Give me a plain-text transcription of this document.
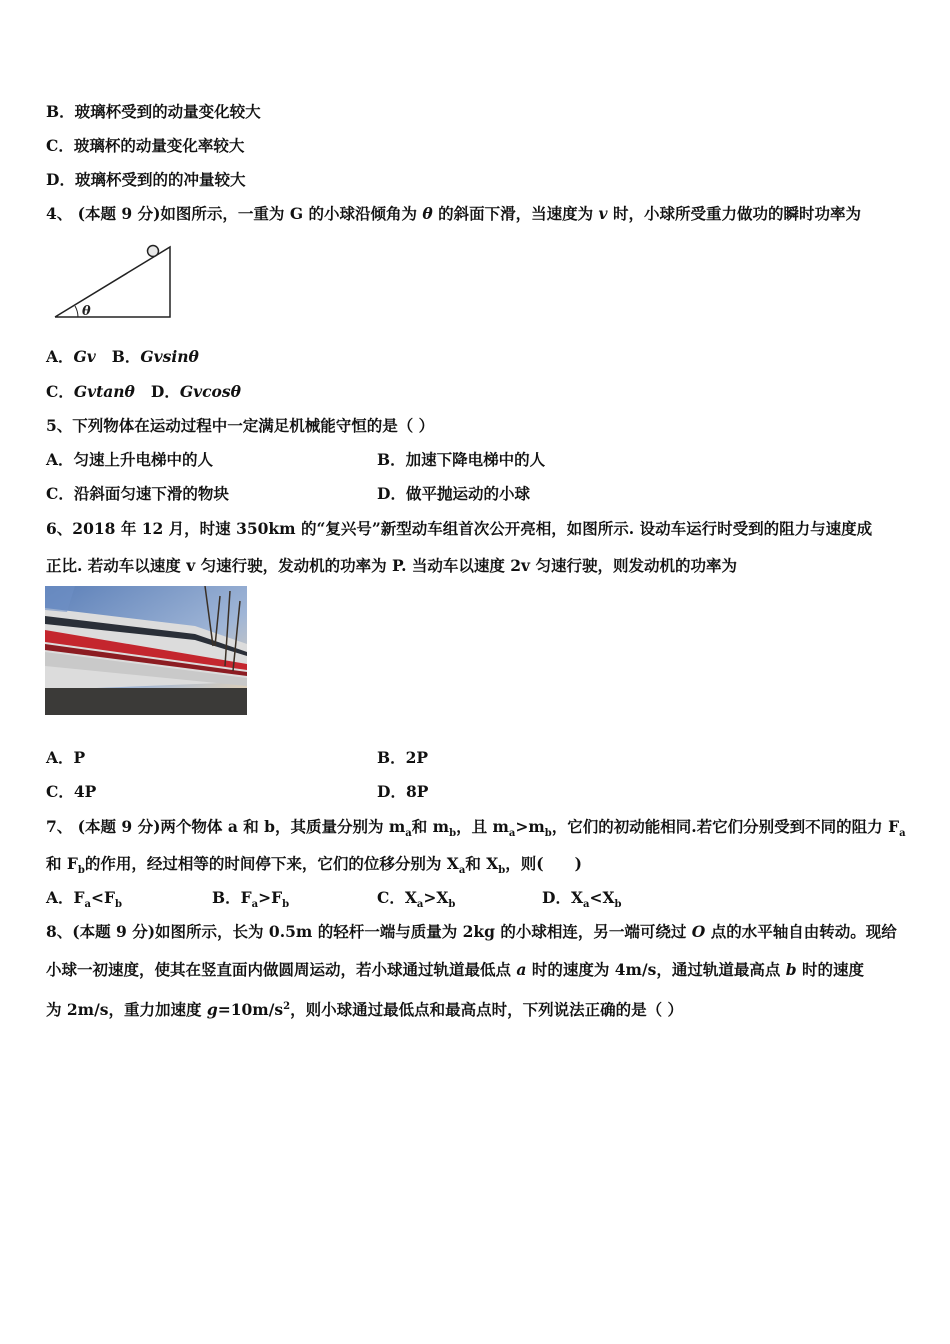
B．玻璃杯受到的动量变化较大
C．玻璃杯的动量变化率较大
D．玻璃杯受到的的冲量较大
4、 (本题 9 分)如图所示，一重为 G 的小球沿倾角为 θ 的斜面下滑，当速度为 v 时，小球所受重力做功的瞬时功率为
θ
A．Gv B．Gvsinθ
C．Gvtanθ D．Gvcosθ
5、下列物体在运动过程中一定满足机械能守恒的是（ ）
A．匀速上升电梯中的人	B．加速下降电梯中的人
C．沿斜面匀速下滑的物块	D．做平抛运动的小球
6、2018 年 12 月，时速 350km 的“复兴号”新型动车组首次公开亮相，如图所示. 设动车运行时受到的阻力与速度成
正比. 若动车以速度 v 匀速行驶，发动机的功率为 P. 当动车以速度 2v 匀速行驶，则发动机的功率为
A．P	B．2P
C．4P	D．8P
7、 (本题 9 分)两个物体 a 和 b，其质量分别为 $m_a$和 $m_b$，且 $m_a>m_b$，它们的初动能相同.若它们分别受到不同的阻力 $F_a$
和 $F_b$的作用，经过相等的时间停下来，它们的位移分别为 $X_a$和 $X_b$，则(　　)
A．$F_a<F_b$	B．$F_a>F_b$	C．$X_a>X_b$	D．$X_a<X_b$
8、(本题 9 分)如图所示，长为 0.5m 的轻杆一端与质量为 2kg 的小球相连，另一端可绕过 O 点的水平轴自由转动。现给
小球一初速度，使其在竖直面内做圆周运动，若小球通过轨道最低点 a 时的速度为 4m/s，通过轨道最高点 b 时的速度
为 2m/s，重力加速度 $g=10m/s^2$，则小球通过最低点和最高点时，下列说法正确的是（ ）
